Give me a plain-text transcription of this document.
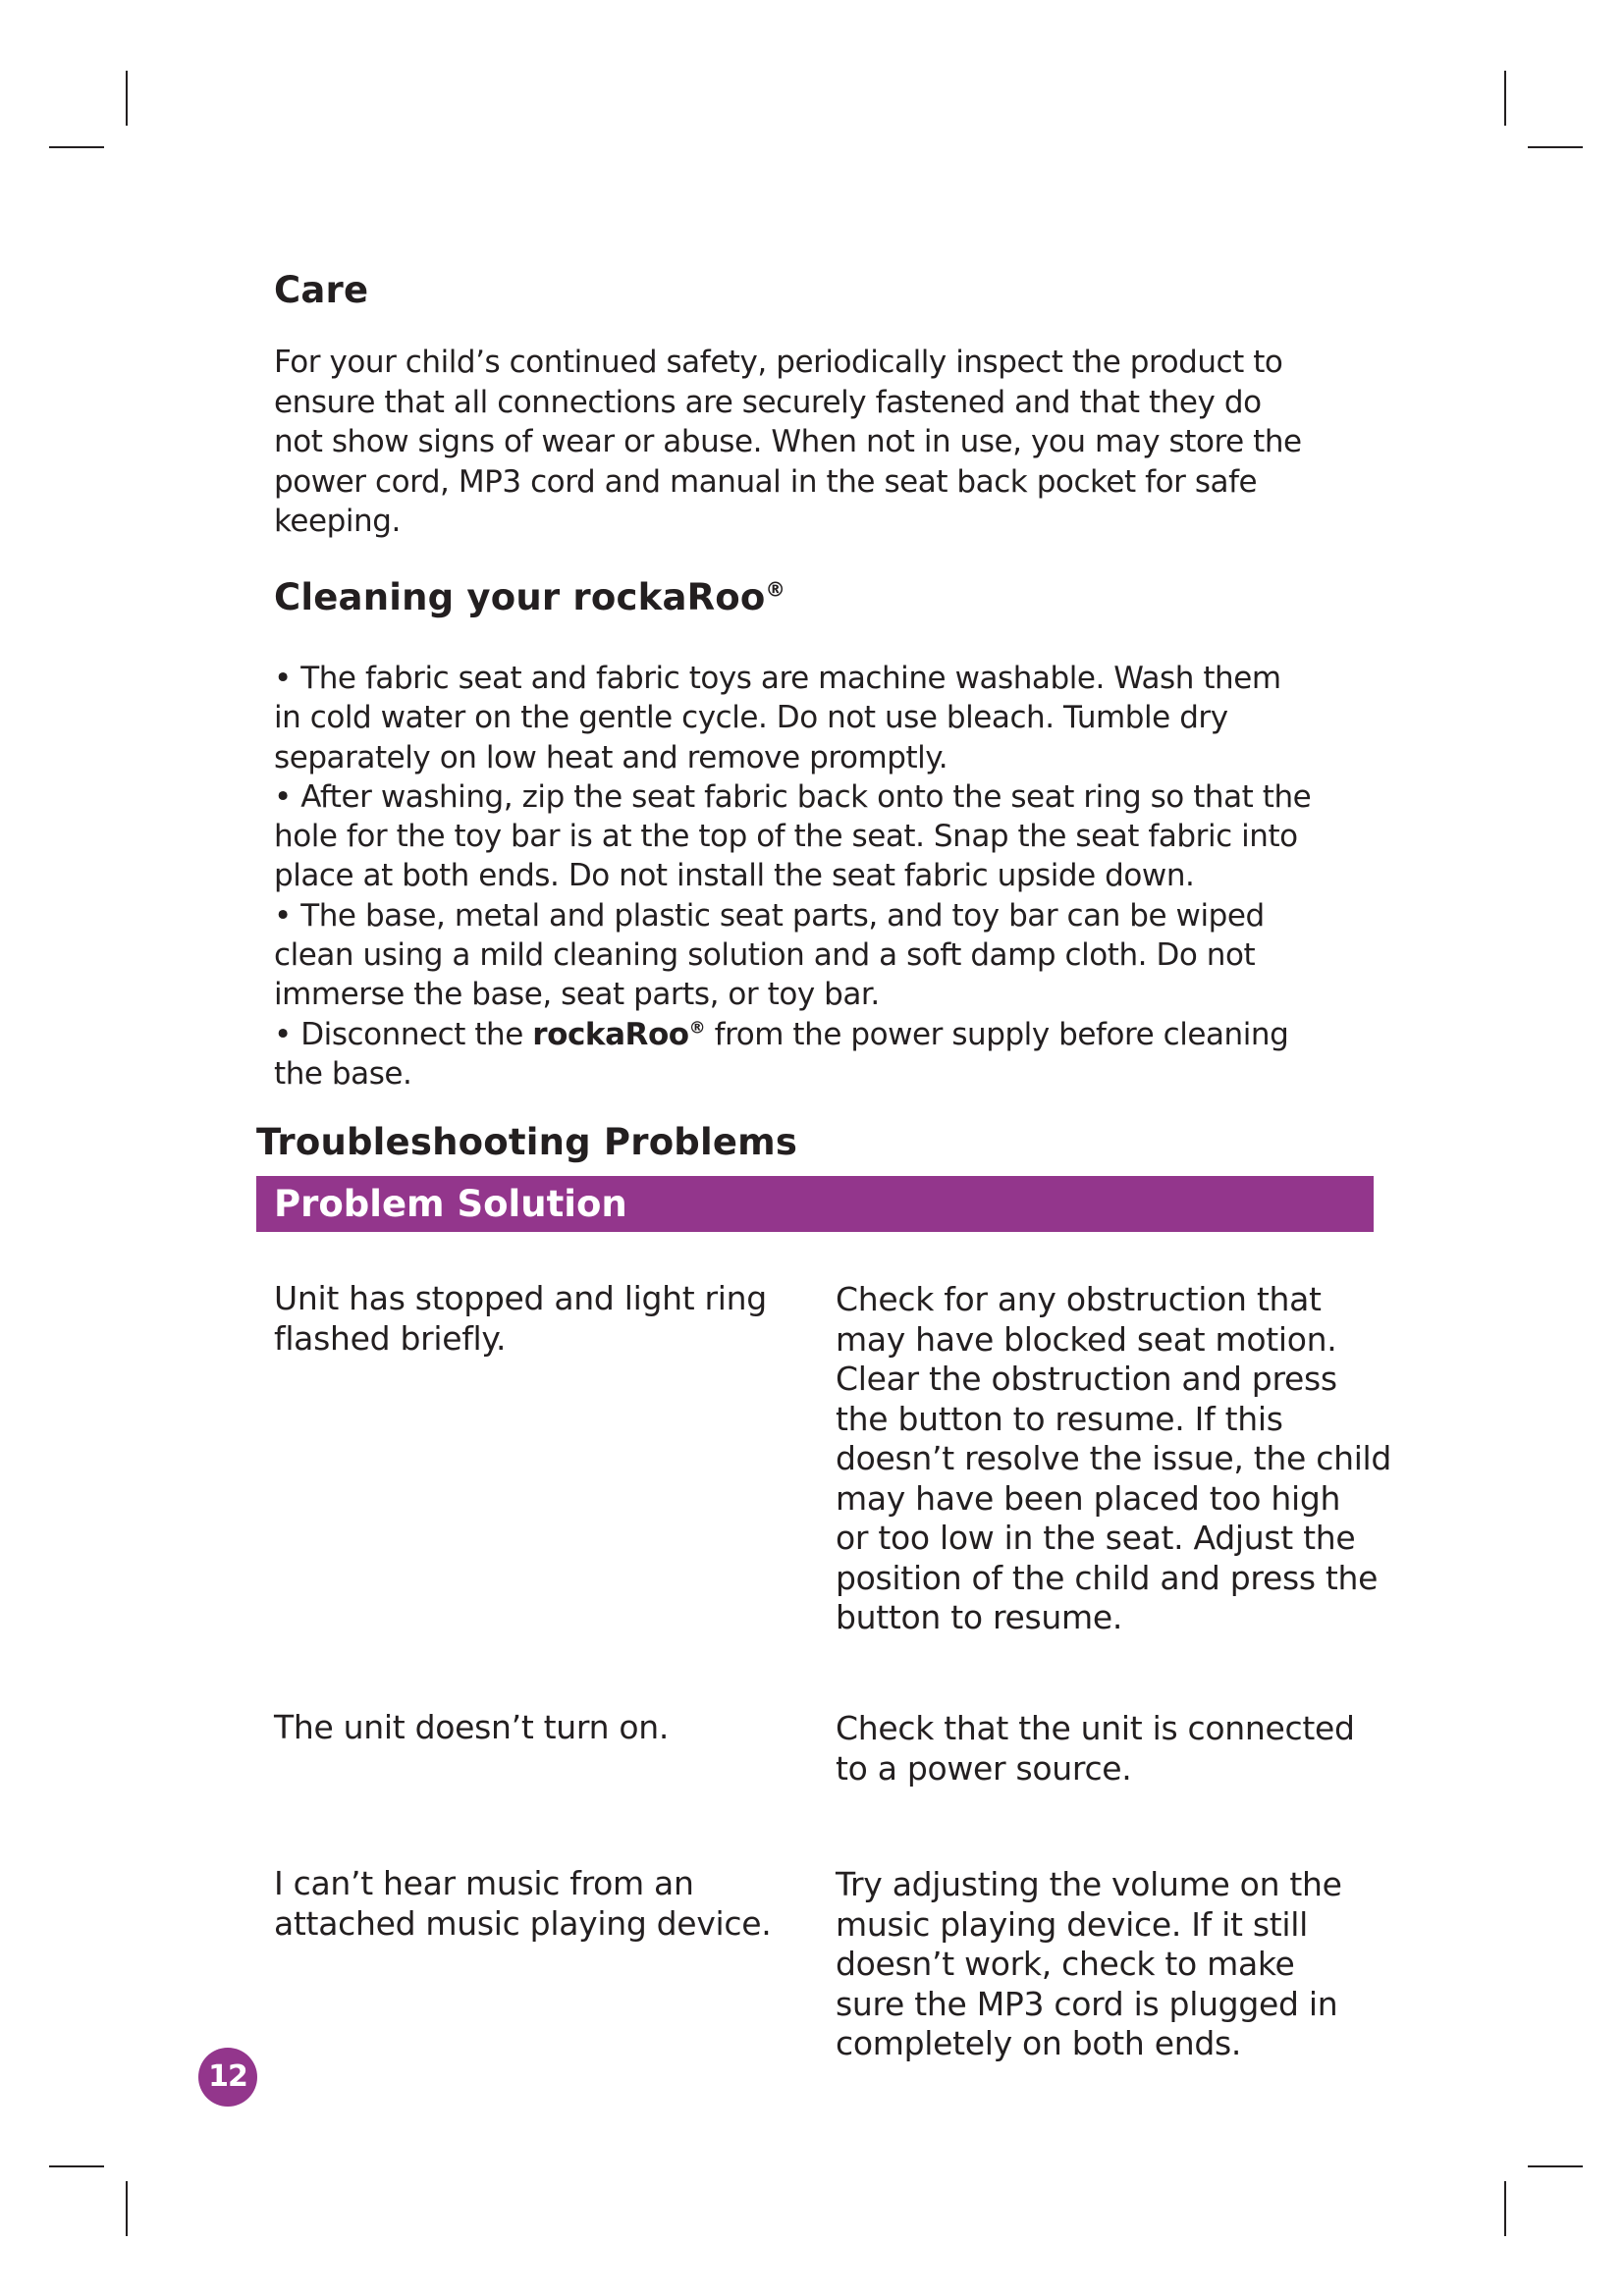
Care

For your child’s continued safety, periodically inspect the product to
ensure that all connections are securely fastened and that they do
not show signs of wear or abuse. When not in use, you may store the
power cord, MP3 cord and manual in the seat back pocket for safe
keeping.

Cleaning your rockaRoo®
• The fabric seat and fabric toys are machine washable. Wash them
in cold water on the gentle cycle. Do not use bleach. Tumble dry
separately on low heat and remove promptly.
• After washing, zip the seat fabric back onto the seat ring so that the
hole for the toy bar is at the top of the seat. Snap the seat fabric into
place at both ends. Do not install the seat fabric upside down.
• The base, metal and plastic seat parts, and toy bar can be wiped
clean using a mild cleaning solution and a soft damp cloth. Do not
immerse the base, seat parts, or toy bar.
• Disconnect the rockaRoo® from the power supply before cleaning
the base.
Troubleshooting Problems
Problem Solution

Unit has stopped and light ring
flashed briefly.

Check for any obstruction that
may have blocked seat motion.
Clear the obstruction and press
the button to resume. If this
doesn’t resolve the issue, the child
may have been placed too high
or too low in the seat. Adjust the
position of the child and press the
button to resume.

The unit doesn’t turn on.	Check that the unit is connected
to a power source.

I can’t hear music from an
attached music playing device.

Try adjusting the volume on the
music playing device. If it still
doesn’t work, check to make
sure the MP3 cord is plugged in
completely on both ends.

12
